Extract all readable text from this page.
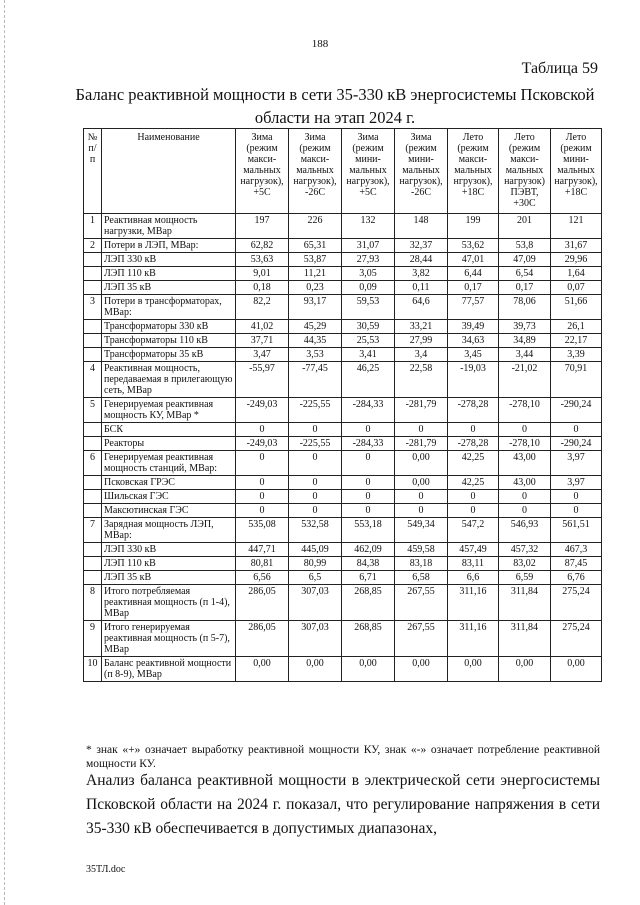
188
Таблица 59
Баланс реактивной мощности в сети 35-330 кВ энергосистемы Псковской области на этап 2024 г.
№ п/п	Наименование	Зима (режим макси-мальных нагрузок), +5С	Зима (режим макси-мальных нагрузок), -26С	Зима (режим мини-мальных нагрузок), +5С	Зима (режим мини-мальных нагрузок), -26С	Лето (режим макси-мальных нгрузок), +18С	Лето (режим макси-мальных нагрузок) ПЭВТ, +30С	Лето (режим мини-мальных нагрузок), +18С
1	Реактивная мощность нагрузки, МВар	197	226	132	148	199	201	121
2	Потери в ЛЭП, МВар:	62,82	65,31	31,07	32,37	53,62	53,8	31,67
	ЛЭП 330 кВ	53,63	53,87	27,93	28,44	47,01	47,09	29,96
	ЛЭП 110 кВ	9,01	11,21	3,05	3,82	6,44	6,54	1,64
	ЛЭП 35 кВ	0,18	0,23	0,09	0,11	0,17	0,17	0,07
3	Потери в трансформаторах, МВар:	82,2	93,17	59,53	64,6	77,57	78,06	51,66
	Трансформаторы 330 кВ	41,02	45,29	30,59	33,21	39,49	39,73	26,1
	Трансформаторы 110 кВ	37,71	44,35	25,53	27,99	34,63	34,89	22,17
	Трансформаторы 35 кВ	3,47	3,53	3,41	3,4	3,45	3,44	3,39
4	Реактивная мощность, передаваемая в прилегающую сеть, МВар	-55,97	-77,45	46,25	22,58	-19,03	-21,02	70,91
5	Генерируемая реактивная мощность КУ, МВар *	-249,03	-225,55	-284,33	-281,79	-278,28	-278,10	-290,24
	БСК	0	0	0	0	0	0	0
	Реакторы	-249,03	-225,55	-284,33	-281,79	-278,28	-278,10	-290,24
6	Генерируемая реактивная мощность станций, МВар:	0	0	0	0,00	42,25	43,00	3,97
	Псковская ГРЭС	0	0	0	0,00	42,25	43,00	3,97
	Шильская ГЭС	0	0	0	0	0	0	0
	Максютинская ГЭС	0	0	0	0	0	0	0
7	Зарядная мощность ЛЭП, МВар:	535,08	532,58	553,18	549,34	547,2	546,93	561,51
	ЛЭП 330 кВ	447,71	445,09	462,09	459,58	457,49	457,32	467,3
	ЛЭП 110 кВ	80,81	80,99	84,38	83,18	83,11	83,02	87,45
	ЛЭП 35 кВ	6,56	6,5	6,71	6,58	6,6	6,59	6,76
8	Итого потребляемая реактивная мощность (п 1-4), МВар	286,05	307,03	268,85	267,55	311,16	311,84	275,24
9	Итого генерируемая реактивная мощность (п 5-7), МВар	286,05	307,03	268,85	267,55	311,16	311,84	275,24
10	Баланс реактивной мощности (п 8-9), МВар	0,00	0,00	0,00	0,00	0,00	0,00	0,00
* знак «+» означает выработку реактивной мощности КУ, знак «-» означает потребление реактивной мощности КУ.
Анализ баланса реактивной мощности в электрической сети энергосистемы Псковской области на 2024 г. показал, что регулирование напряжения в сети 35-330 кВ обеспечивается в допустимых диапазонах,
35ТЛ.doc
